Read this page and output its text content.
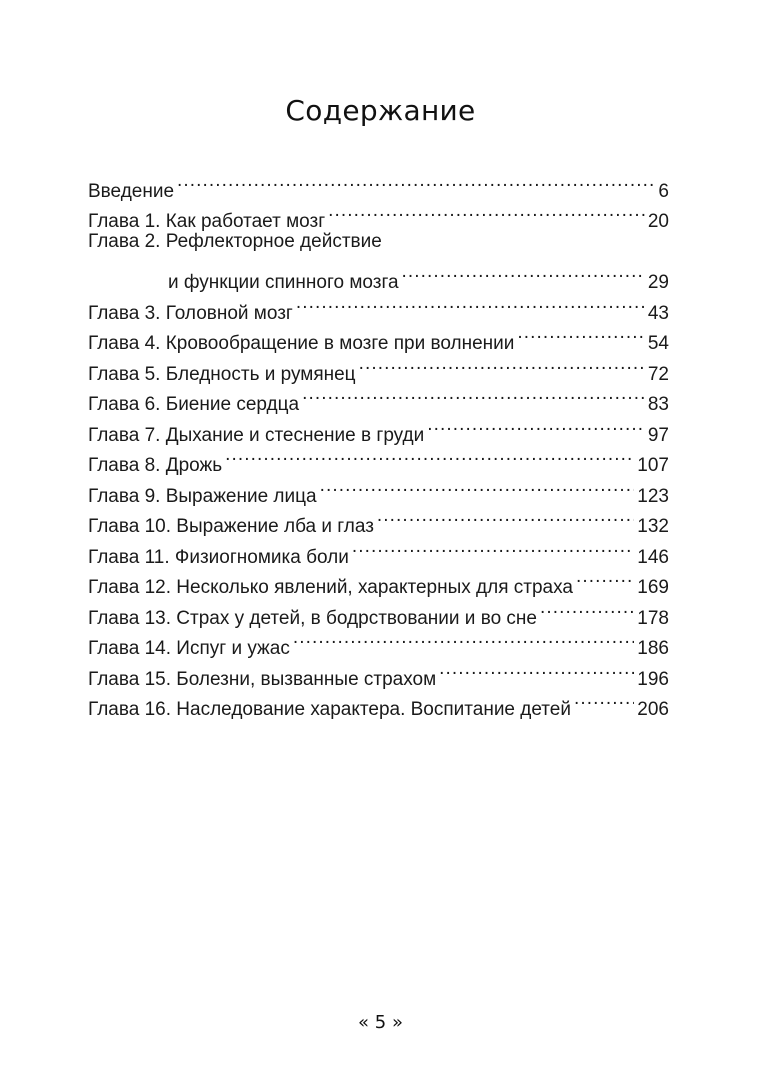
Содержание
Введение .....	6
Глава 1. Как работает мозг .....	20
Глава 2. Рефлекторное действие
и функции спинного мозга .....	29
Глава 3. Головной мозг .....	43
Глава 4. Кровообращение в мозге при волнении .....	54
Глава 5. Бледность и румянец .....	72
Глава 6. Биение сердца .....	83
Глава 7. Дыхание и стеснение в груди .....	97
Глава 8. Дрожь .....	107
Глава 9. Выражение лица .....	123
Глава 10. Выражение лба и глаз .....	132
Глава 11. Физиогномика боли .....	146
Глава 12. Несколько явлений, характерных для страха .....	169
Глава 13. Страх у детей, в бодрствовании и во сне .....	178
Глава 14. Испуг и ужас .....	186
Глава 15. Болезни, вызванные страхом .....	196
Глава 16. Наследование характера. Воспитание детей .....	206
« 5 »
